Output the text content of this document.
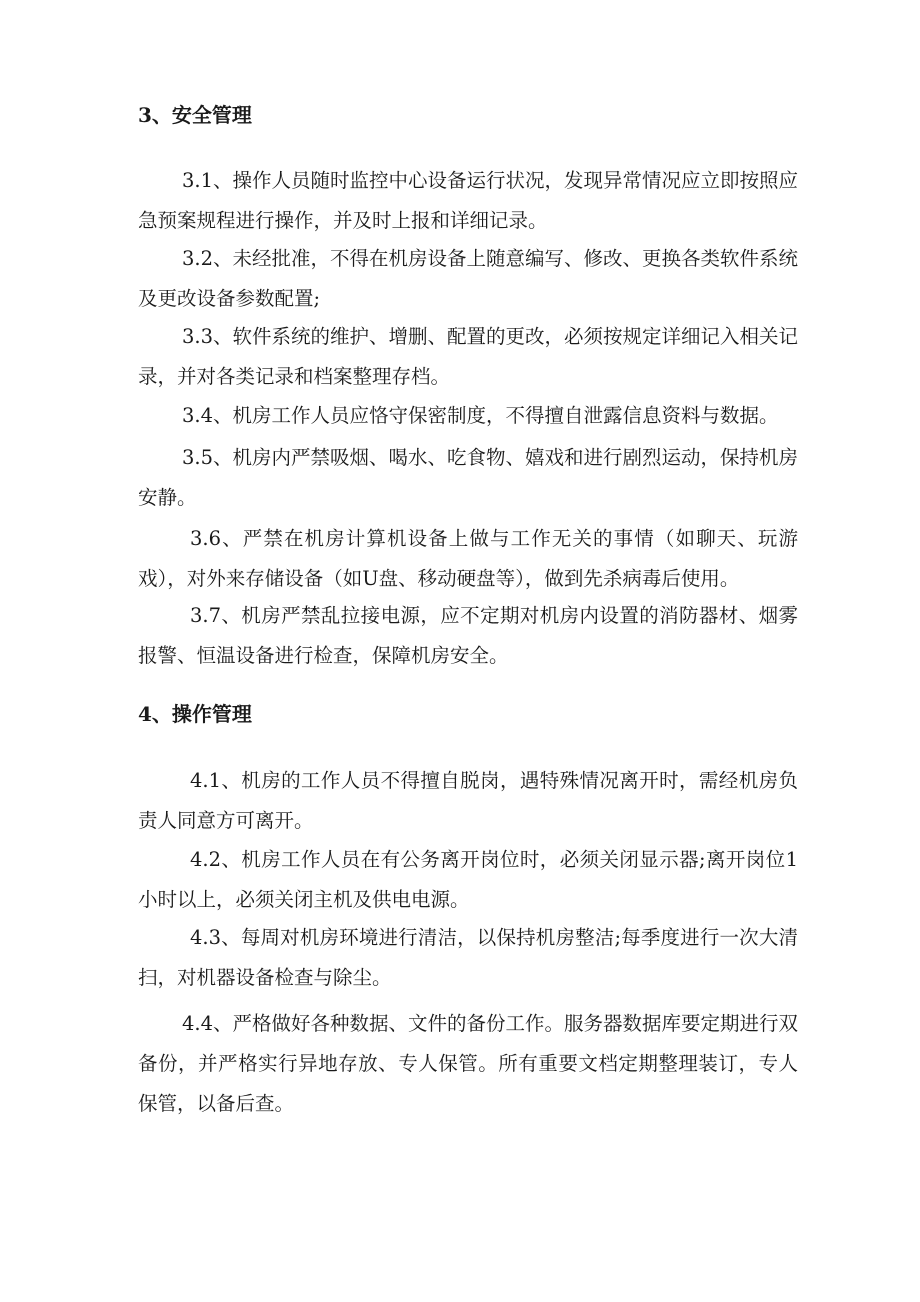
3、安全管理

3.1、操作人员随时监控中心设备运行状况，发现异常情况应立即按照应急预案规程进行操作，并及时上报和详细记录。

3.2、未经批准，不得在机房设备上随意编写、修改、更换各类软件系统及更改设备参数配置;

3.3、软件系统的维护、增删、配置的更改，必须按规定详细记入相关记录，并对各类记录和档案整理存档。

3.4、机房工作人员应恪守保密制度，不得擅自泄露信息资料与数据。

3.5、机房内严禁吸烟、喝水、吃食物、嬉戏和进行剧烈运动，保持机房安静。

3.6、严禁在机房计算机设备上做与工作无关的事情（如聊天、玩游戏），对外来存储设备（如U盘、移动硬盘等），做到先杀病毒后使用。

3.7、机房严禁乱拉接电源，应不定期对机房内设置的消防器材、烟雾报警、恒温设备进行检查，保障机房安全。

4、操作管理

4.1、机房的工作人员不得擅自脱岗，遇特殊情况离开时，需经机房负责人同意方可离开。

4.2、机房工作人员在有公务离开岗位时，必须关闭显示器;离开岗位1小时以上，必须关闭主机及供电电源。

4.3、每周对机房环境进行清洁，以保持机房整洁;每季度进行一次大清扫，对机器设备检查与除尘。

4.4、严格做好各种数据、文件的备份工作。服务器数据库要定期进行双备份，并严格实行异地存放、专人保管。所有重要文档定期整理装订，专人保管，以备后查。
